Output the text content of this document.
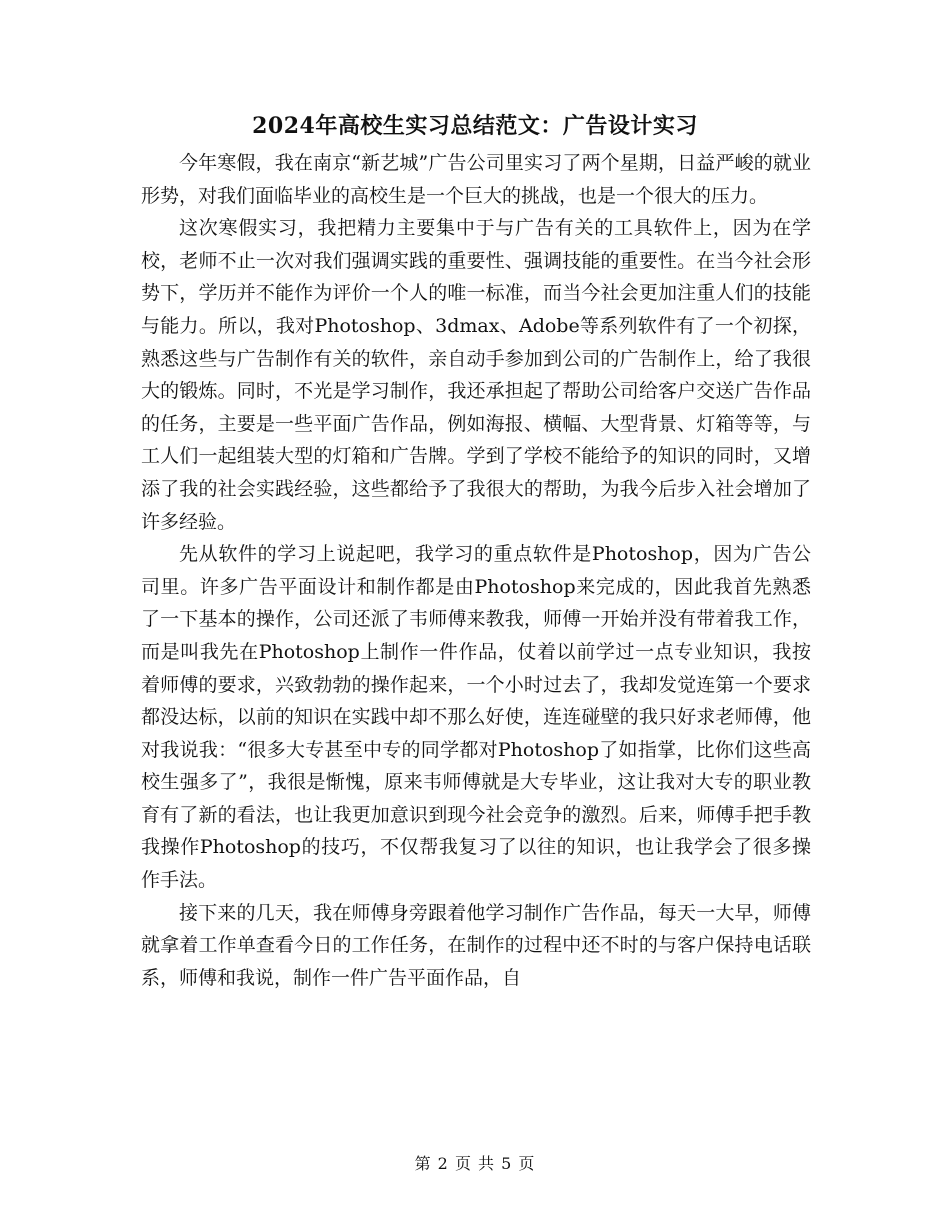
2024年高校生实习总结范文：广告设计实习

今年寒假，我在南京“新艺城”广告公司里实习了两个星期，日益严峻的就业形势，对我们面临毕业的高校生是一个巨大的挑战，也是一个很大的压力。

这次寒假实习，我把精力主要集中于与广告有关的工具软件上，因为在学校，老师不止一次对我们强调实践的重要性、强调技能的重要性。在当今社会形势下，学历并不能作为评价一个人的唯一标准，而当今社会更加注重人们的技能与能力。所以，我对Photoshop、3dmax、Adobe等系列软件有了一个初探，熟悉这些与广告制作有关的软件，亲自动手参加到公司的广告制作上，给了我很大的锻炼。同时，不光是学习制作，我还承担起了帮助公司给客户交送广告作品的任务，主要是一些平面广告作品，例如海报、横幅、大型背景、灯箱等等，与工人们一起组装大型的灯箱和广告牌。学到了学校不能给予的知识的同时，又增添了我的社会实践经验，这些都给予了我很大的帮助，为我今后步入社会增加了许多经验。

先从软件的学习上说起吧，我学习的重点软件是Photoshop，因为广告公司里。许多广告平面设计和制作都是由Photoshop来完成的，因此我首先熟悉了一下基本的操作，公司还派了韦师傅来教我，师傅一开始并没有带着我工作，而是叫我先在Photoshop上制作一件作品，仗着以前学过一点专业知识，我按着师傅的要求，兴致勃勃的操作起来，一个小时过去了，我却发觉连第一个要求都没达标，以前的知识在实践中却不那么好使，连连碰壁的我只好求老师傅，他对我说我：“很多大专甚至中专的同学都对Photoshop了如指掌，比你们这些高校生强多了”，我很是惭愧，原来韦师傅就是大专毕业，这让我对大专的职业教育有了新的看法，也让我更加意识到现今社会竞争的激烈。后来，师傅手把手教我操作Photoshop的技巧，不仅帮我复习了以往的知识，也让我学会了很多操作手法。

接下来的几天，我在师傅身旁跟着他学习制作广告作品，每天一大早，师傅就拿着工作单查看今日的工作任务，在制作的过程中还不时的与客户保持电话联系，师傅和我说，制作一件广告平面作品，自

第 2 页 共 5 页
